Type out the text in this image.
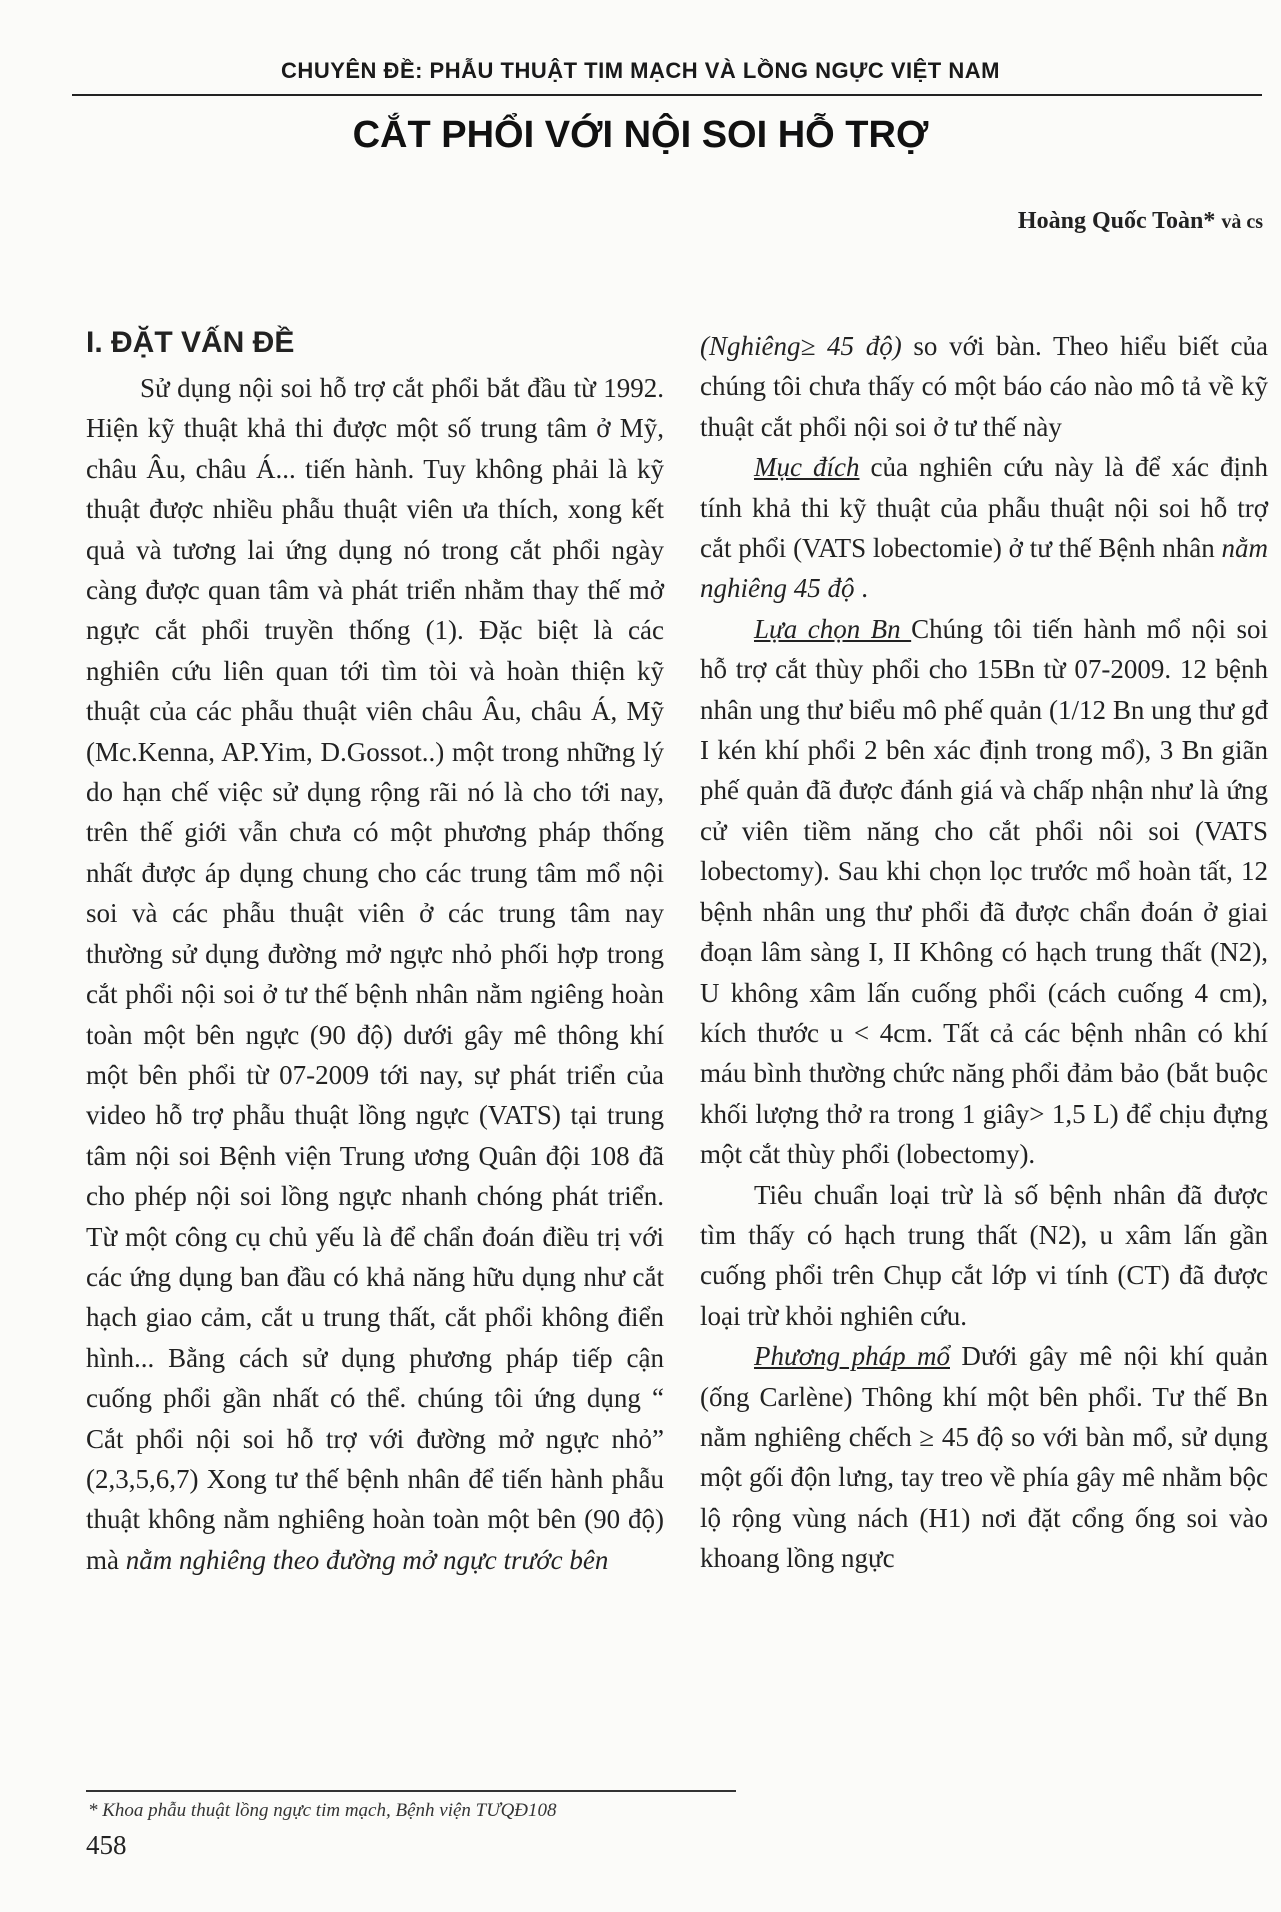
CHUYÊN ĐỀ: PHẪU THUẬT TIM MẠCH VÀ LỒNG NGỰC VIỆT NAM
CẮT PHỔI VỚI NỘI SOI HỖ TRỢ
Hoàng Quốc Toàn* và cs
I. ĐẶT VẤN ĐỀ

Sử dụng nội soi hỗ trợ cắt phổi bắt đầu từ 1992. Hiện kỹ thuật khả thi được một số trung tâm ở Mỹ, châu Âu, châu Á... tiến hành. Tuy không phải là kỹ thuật được nhiều phẫu thuật viên ưa thích, xong kết quả và tương lai ứng dụng nó trong cắt phổi ngày càng được quan tâm và phát triển nhằm thay thế mở ngực cắt phổi truyền thống (1). Đặc biệt là các nghiên cứu liên quan tới tìm tòi và hoàn thiện kỹ thuật của các phẫu thuật viên châu Âu, châu Á, Mỹ (Mc.Kenna, AP.Yim, D.Gossot..) một trong những lý do hạn chế việc sử dụng rộng rãi nó là cho tới nay, trên thế giới vẫn chưa có một phương pháp thống nhất được áp dụng chung cho các trung tâm mổ nội soi và các phẫu thuật viên ở các trung tâm nay thường sử dụng đường mở ngực nhỏ phối hợp trong cắt phổi nội soi ở tư thế bệnh nhân nằm ngiêng hoàn toàn một bên ngực (90 độ) dưới gây mê thông khí một bên phổi từ 07-2009 tới nay, sự phát triển của video hỗ trợ phẫu thuật lồng ngực (VATS) tại trung tâm nội soi Bệnh viện Trung ương Quân đội 108 đã cho phép nội soi lồng ngực nhanh chóng phát triển. Từ một công cụ chủ yếu là để chẩn đoán điều trị với các ứng dụng ban đầu có khả năng hữu dụng như cắt hạch giao cảm, cắt u trung thất, cắt phổi không điển hình... Bằng cách sử dụng phương pháp tiếp cận cuống phổi gần nhất có thể. chúng tôi ứng dụng “ Cắt phổi nội soi hỗ trợ với đường mở ngực nhỏ” (2,3,5,6,7) Xong tư thế bệnh nhân để tiến hành phẫu thuật không nằm nghiêng hoàn toàn một bên (90 độ) mà nằm nghiêng theo đường mở ngực trước bên

(Nghiêng≥ 45 độ) so với bàn. Theo hiểu biết của chúng tôi chưa thấy có một báo cáo nào mô tả về kỹ thuật cắt phổi nội soi ở tư thế này

Mục đích của nghiên cứu này là để xác định tính khả thi kỹ thuật của phẫu thuật nội soi hỗ trợ cắt phổi (VATS lobectomie) ở tư thế Bệnh nhân nằm nghiêng 45 độ .

Lựa chọn Bn Chúng tôi tiến hành mổ nội soi hỗ trợ cắt thùy phổi cho 15Bn từ 07-2009. 12 bệnh nhân ung thư biểu mô phế quản (1/12 Bn ung thư gđ I kén khí phổi 2 bên xác định trong mổ), 3 Bn giãn phế quản đã được đánh giá và chấp nhận như là ứng cử viên tiềm năng cho cắt phổi nôi soi (VATS lobectomy). Sau khi chọn lọc trước mổ hoàn tất, 12 bệnh nhân ung thư phổi đã được chẩn đoán ở giai đoạn lâm sàng I, II Không có hạch trung thất (N2), U không xâm lấn cuống phổi (cách cuống 4 cm), kích thước u < 4cm. Tất cả các bệnh nhân có khí máu bình thường chức năng phổi đảm bảo (bắt buộc khối lượng thở ra trong 1 giây> 1,5 L) để chịu đựng một cắt thùy phổi (lobectomy).

Tiêu chuẩn loại trừ là số bệnh nhân đã được tìm thấy có hạch trung thất (N2), u xâm lấn gần cuống phổi trên Chụp cắt lớp vi tính (CT) đã được loại trừ khỏi nghiên cứu.

Phương pháp mổ Dưới gây mê nội khí quản (ống Carlène) Thông khí một bên phổi. Tư thế Bn nằm nghiêng chếch ≥ 45 độ so với bàn mổ, sử dụng một gối độn lưng, tay treo về phía gây mê nhằm bộc lộ rộng vùng nách (H1) nơi đặt cổng ống soi vào khoang lồng ngực

* Khoa phẫu thuật lồng ngực tim mạch, Bệnh viện TƯQĐ108
458
